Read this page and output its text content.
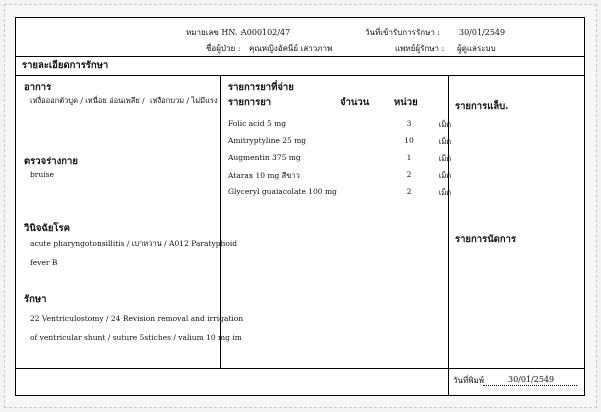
หมายเลข HN. :
A000102/47	วันที่เข้ารับการรักษา : 30/01/2549
ชื่อผู้ป่วย : คุณหญิงอัคนีย์ เสาวภาพ	แพทย์ผู้รักษา : ผู้ดูแลระบบ
รายละเอียดการรักษา
อาการ
เหงื่อออกตัวบูด / เหนื่อย อ่อนเพลีย / เหงือกบวม / ไม่มีแรง
ตรวจร่างกาย
bruise
วินิจฉัยโรค
acute pharyngotonsillitis / เบาหวาน / A012 Paratyphoid
fever B
รักษา
22 Ventriculostomy / 24 Revision removal and irrigation
of ventricular shunt / suture 5stiches / valium 10 mg im
รายการยาที่จ่าย
รายการยา	จำนวน	หน่วย	รายการแล็บ.
รายการนัดการ
วันที่พิมพ์	30/01/2549
Folic acid 5 mg	3	เม็ด
Amitryptyline 25 mg	10	เม็ด
Augmentin 375 mg	1	เม็ด
Atarax 10 mg สีขาว	2	เม็ด
Glyceryl guaiacolate 100 mg	2	เม็ด
